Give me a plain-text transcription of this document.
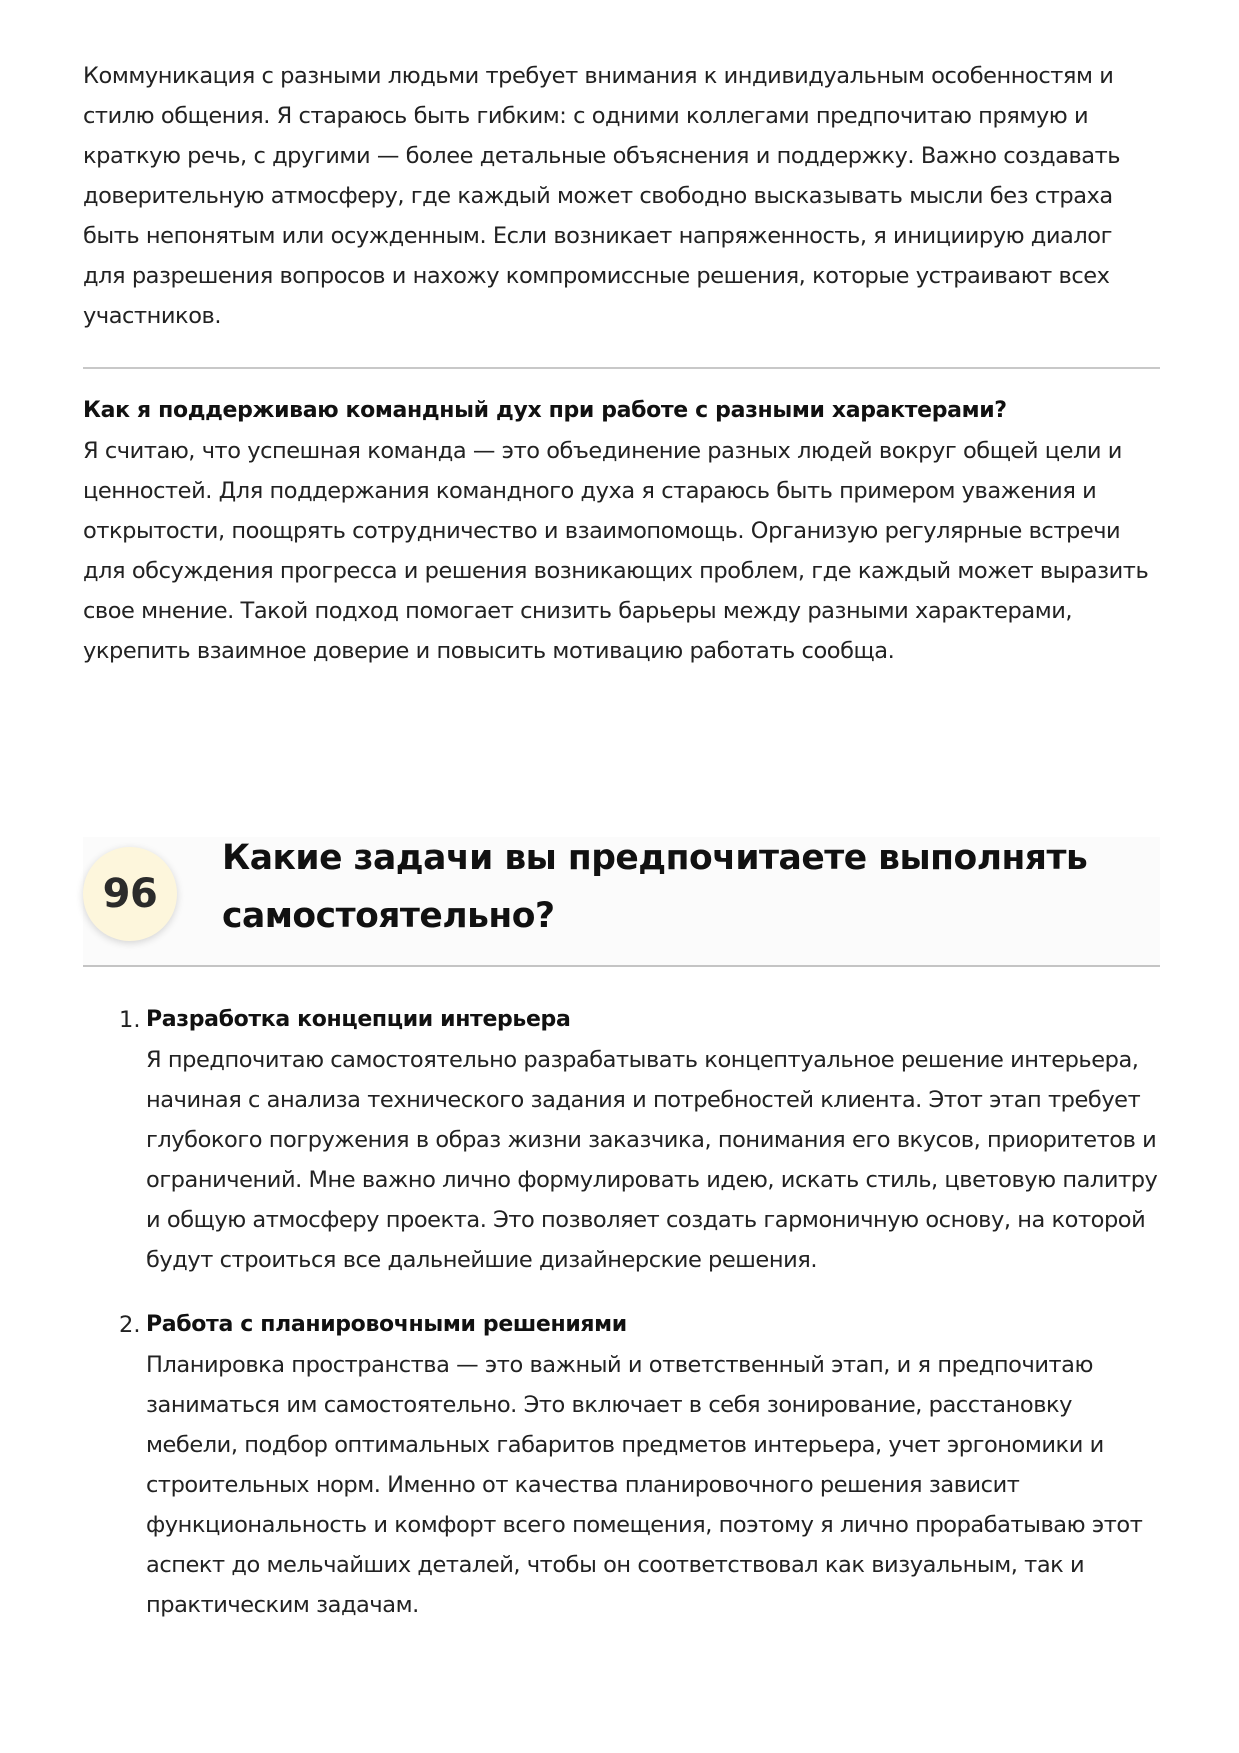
Коммуникация с разными людьми требует внимания к индивидуальным особенностям и стилю общения. Я стараюсь быть гибким: с одними коллегами предпочитаю прямую и краткую речь, с другими — более детальные объяснения и поддержку. Важно создавать доверительную атмосферу, где каждый может свободно высказывать мысли без страха быть непонятым или осужденным. Если возникает напряженность, я инициирую диалог для разрешения вопросов и нахожу компромиссные решения, которые устраивают всех участников.

Как я поддерживаю командный дух при работе с разными характерами?

Я считаю, что успешная команда — это объединение разных людей вокруг общей цели и ценностей. Для поддержания командного духа я стараюсь быть примером уважения и открытости, поощрять сотрудничество и взаимопомощь. Организую регулярные встречи для обсуждения прогресса и решения возникающих проблем, где каждый может выразить свое мнение. Такой подход помогает снизить барьеры между разными характерами, укрепить взаимное доверие и повысить мотивацию работать сообща.

96
Какие задачи вы предпочитаете выполнять самостоятельно?
1. Разработка концепции интерьера

Я предпочитаю самостоятельно разрабатывать концептуальное решение интерьера, начиная с анализа технического задания и потребностей клиента. Этот этап требует глубокого погружения в образ жизни заказчика, понимания его вкусов, приоритетов и ограничений. Мне важно лично формулировать идею, искать стиль, цветовую палитру и общую атмосферу проекта. Это позволяет создать гармоничную основу, на которой будут строиться все дальнейшие дизайнерские решения.

2. Работа с планировочными решениями

Планировка пространства — это важный и ответственный этап, и я предпочитаю заниматься им самостоятельно. Это включает в себя зонирование, расстановку мебели, подбор оптимальных габаритов предметов интерьера, учет эргономики и строительных норм. Именно от качества планировочного решения зависит функциональность и комфорт всего помещения, поэтому я лично прорабатываю этот аспект до мельчайших деталей, чтобы он соответствовал как визуальным, так и практическим задачам.
